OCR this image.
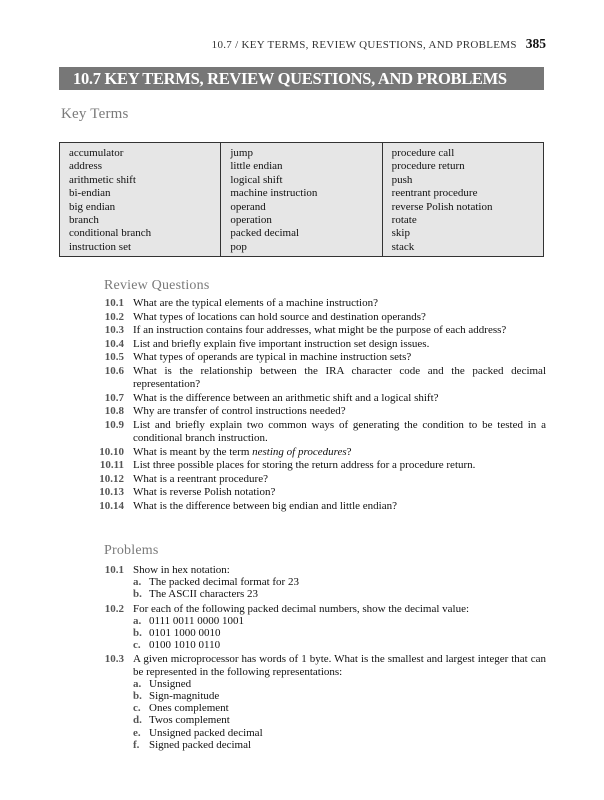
10.7 / KEY TERMS, REVIEW QUESTIONS, AND PROBLEMS 385
10.7 KEY TERMS, REVIEW QUESTIONS, AND PROBLEMS
Key Terms
accumulator
address
arithmetic shift
bi-endian
big endian
branch
conditional branch
instruction set
jump
little endian
logical shift
machine instruction
operand
operation
packed decimal
pop
procedure call
procedure return
push
reentrant procedure
reverse Polish notation
rotate
skip
stack
Review Questions
10.1 What are the typical elements of a machine instruction?
10.2 What types of locations can hold source and destination operands?
10.3 If an instruction contains four addresses, what might be the purpose of each address?
10.4 List and briefly explain five important instruction set design issues.
10.5 What types of operands are typical in machine instruction sets?
10.6 What is the relationship between the IRA character code and the packed decimal representation?
10.7 What is the difference between an arithmetic shift and a logical shift?
10.8 Why are transfer of control instructions needed?
10.9 List and briefly explain two common ways of generating the condition to be tested in a conditional branch instruction.
10.10 What is meant by the term nesting of procedures?
10.11 List three possible places for storing the return address for a procedure return.
10.12 What is a reentrant procedure?
10.13 What is reverse Polish notation?
10.14 What is the difference between big endian and little endian?
Problems
10.1 Show in hex notation:
a. The packed decimal format for 23
b. The ASCII characters 23
10.2 For each of the following packed decimal numbers, show the decimal value:
a. 0111 0011 0000 1001
b. 0101 1000 0010
c. 0100 1010 0110
10.3 A given microprocessor has words of 1 byte. What is the smallest and largest integer that can be represented in the following representations:
a. Unsigned
b. Sign-magnitude
c. Ones complement
d. Twos complement
e. Unsigned packed decimal
f. Signed packed decimal
